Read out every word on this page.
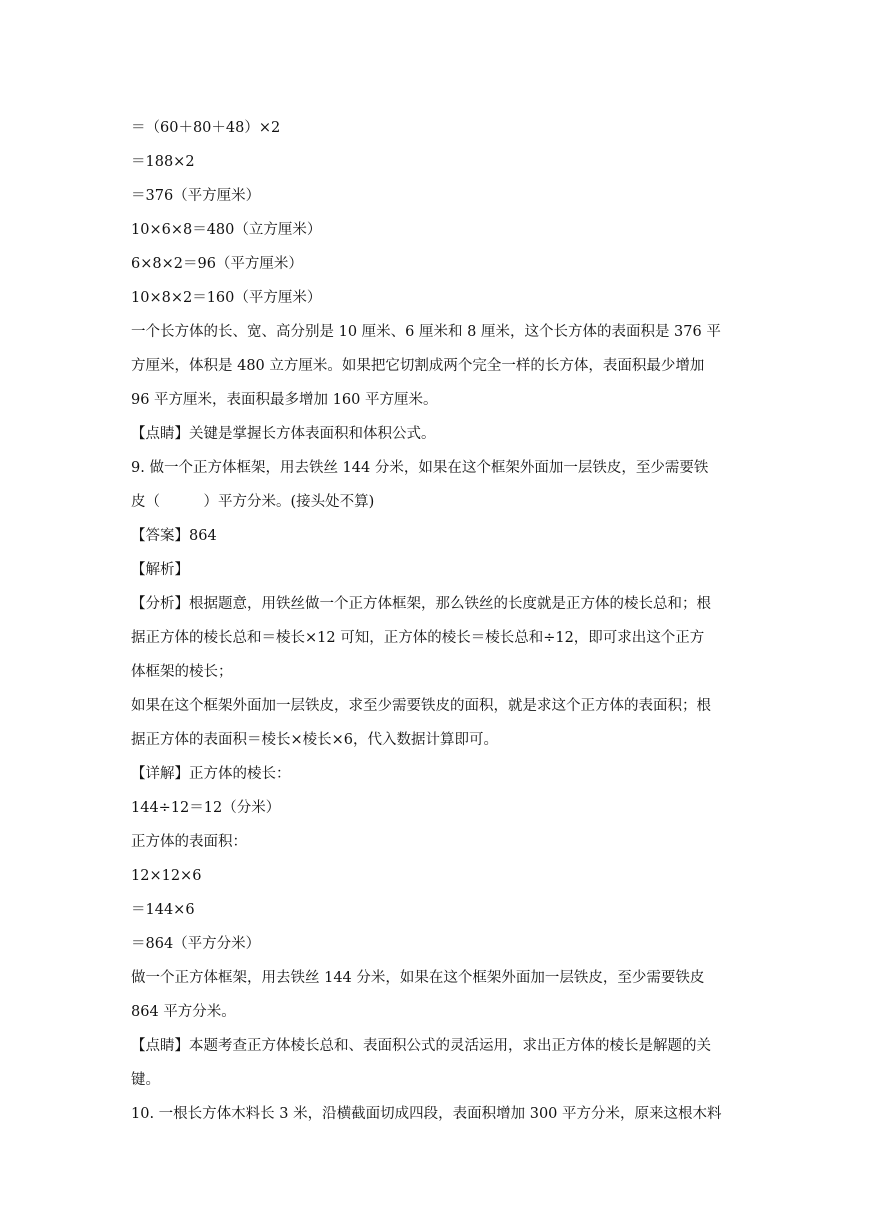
＝（60＋80＋48）×2
＝188×2
＝376（平方厘米）
10×6×8＝480（立方厘米）
6×8×2＝96（平方厘米）
10×8×2＝160（平方厘米）
一个长方体的长、宽、高分别是 10 厘米、6 厘米和 8 厘米，这个长方体的表面积是 376 平
方厘米，体积是 480 立方厘米。如果把它切割成两个完全一样的长方体，表面积最少增加
96 平方厘米，表面积最多增加 160 平方厘米。
【点睛】关键是掌握长方体表面积和体积公式。
9. 做一个正方体框架，用去铁丝 144 分米，如果在这个框架外面加一层铁皮，至少需要铁
皮（　　　）平方分米。(接头处不算)
【答案】864
【解析】
【分析】根据题意，用铁丝做一个正方体框架，那么铁丝的长度就是正方体的棱长总和；根
据正方体的棱长总和＝棱长×12 可知，正方体的棱长＝棱长总和÷12，即可求出这个正方
体框架的棱长；
如果在这个框架外面加一层铁皮，求至少需要铁皮的面积，就是求这个正方体的表面积；根
据正方体的表面积＝棱长×棱长×6，代入数据计算即可。
【详解】正方体的棱长：
144÷12＝12（分米）
正方体的表面积：
12×12×6
＝144×6
＝864（平方分米）
做一个正方体框架，用去铁丝 144 分米，如果在这个框架外面加一层铁皮，至少需要铁皮
864 平方分米。
【点睛】本题考查正方体棱长总和、表面积公式的灵活运用，求出正方体的棱长是解题的关
键。
10. 一根长方体木料长 3 米，沿横截面切成四段，表面积增加 300 平方分米，原来这根木料
